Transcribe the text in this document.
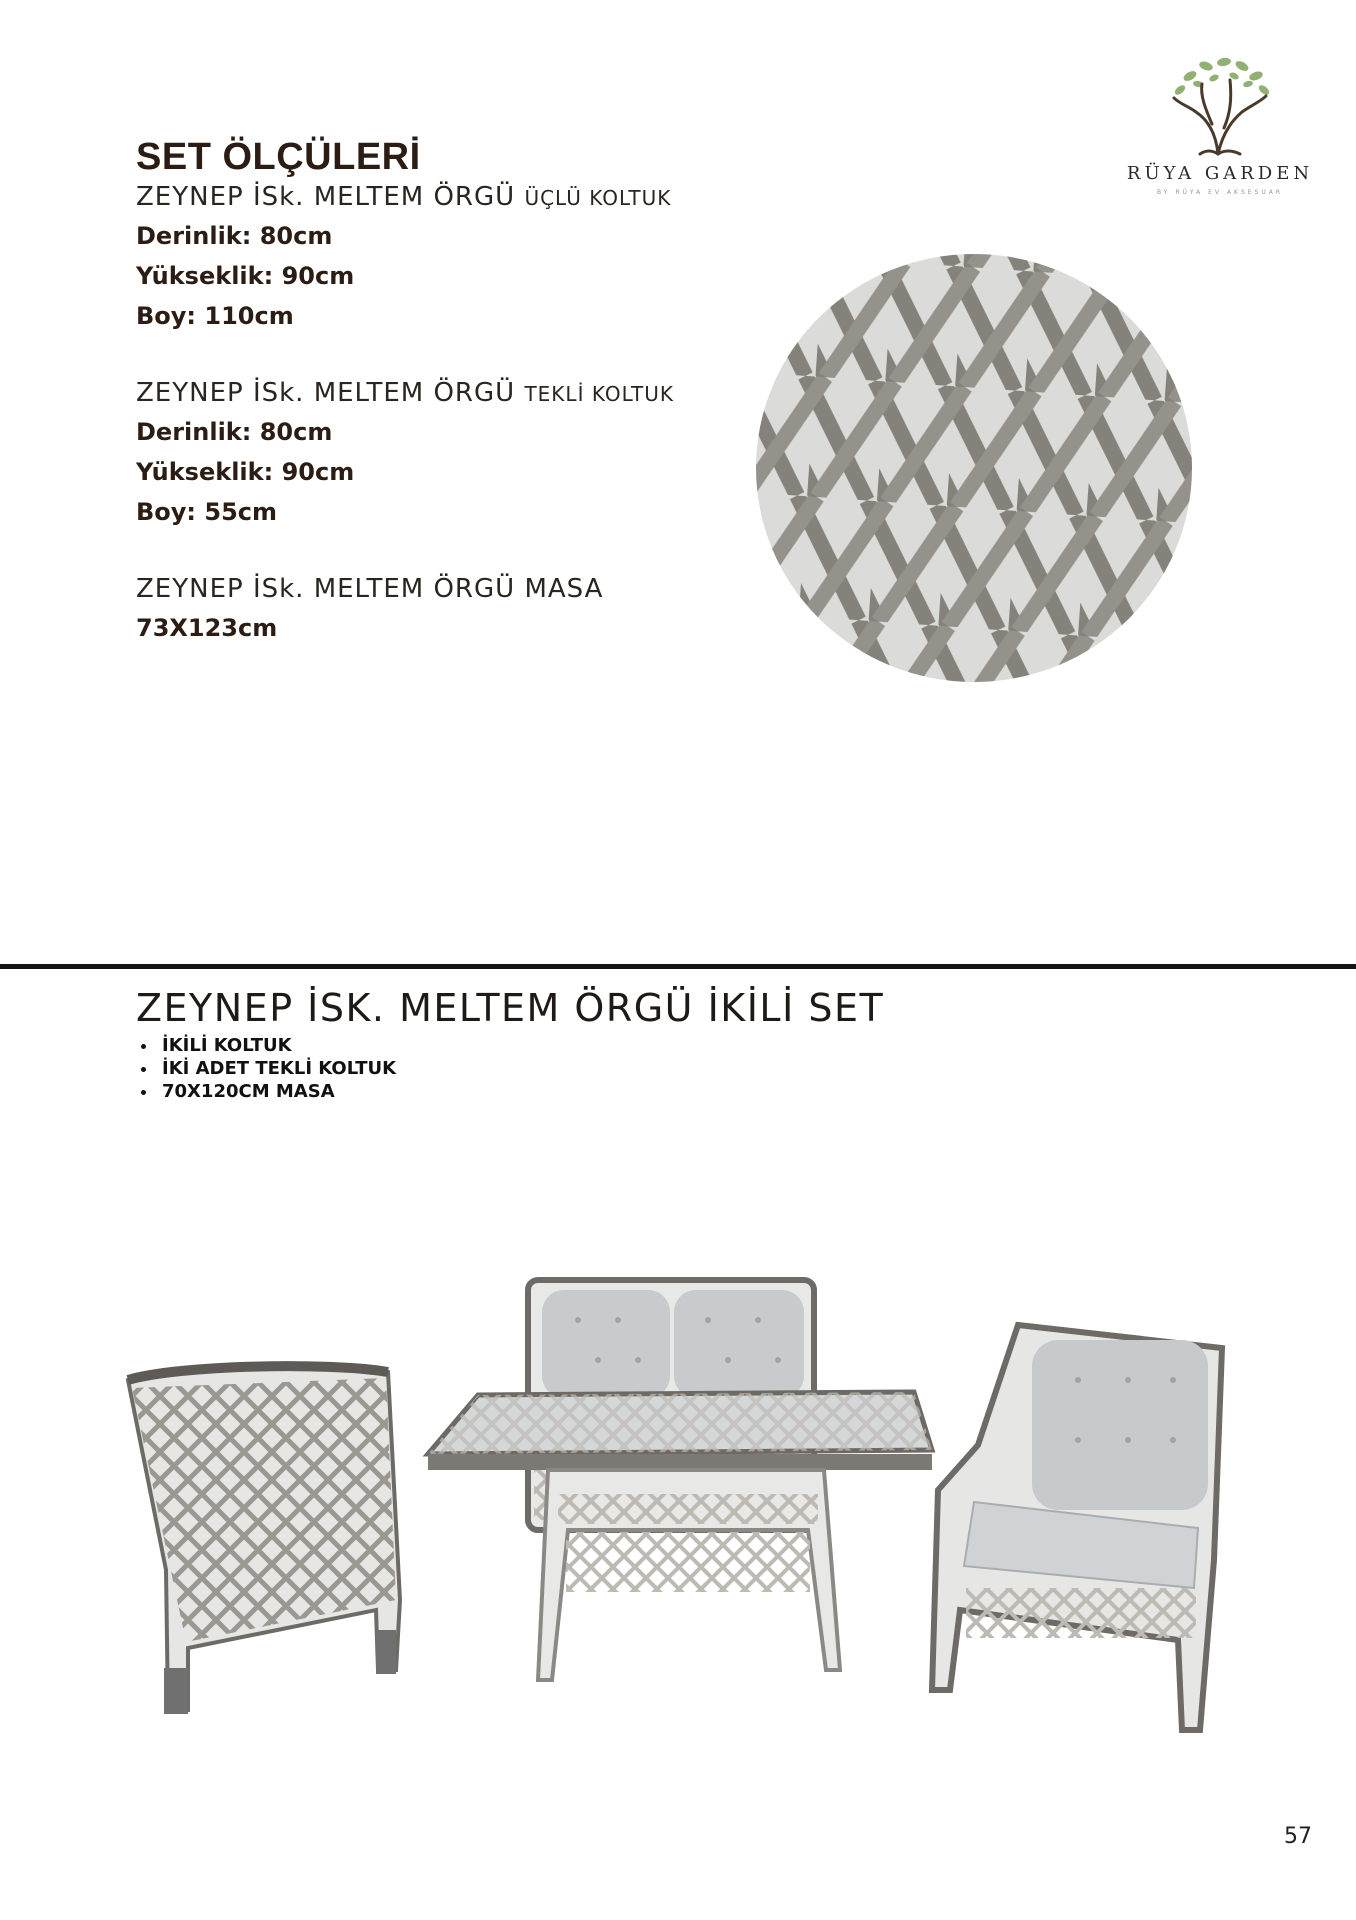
SET ÖLÇÜLERİ
ZEYNEP İSk. MELTEM ÖRGÜ ÜÇLÜ KOLTUK
Derinlik: 80cm
Yükseklik: 90cm
Boy: 110cm
ZEYNEP İSk. MELTEM ÖRGÜ TEKLİ KOLTUK
Derinlik: 80cm
Yükseklik: 90cm
Boy: 55cm
ZEYNEP İSk. MELTEM ÖRGÜ MASA
73X123cm
RÜYA GARDEN
BY RÜYA EV AKSESUAR
ZEYNEP İSK. MELTEM ÖRGÜ İKİLİ SET
• İKİLİ KOLTUK
• İKİ ADET TEKLİ KOLTUK
• 70X120CM MASA
57
